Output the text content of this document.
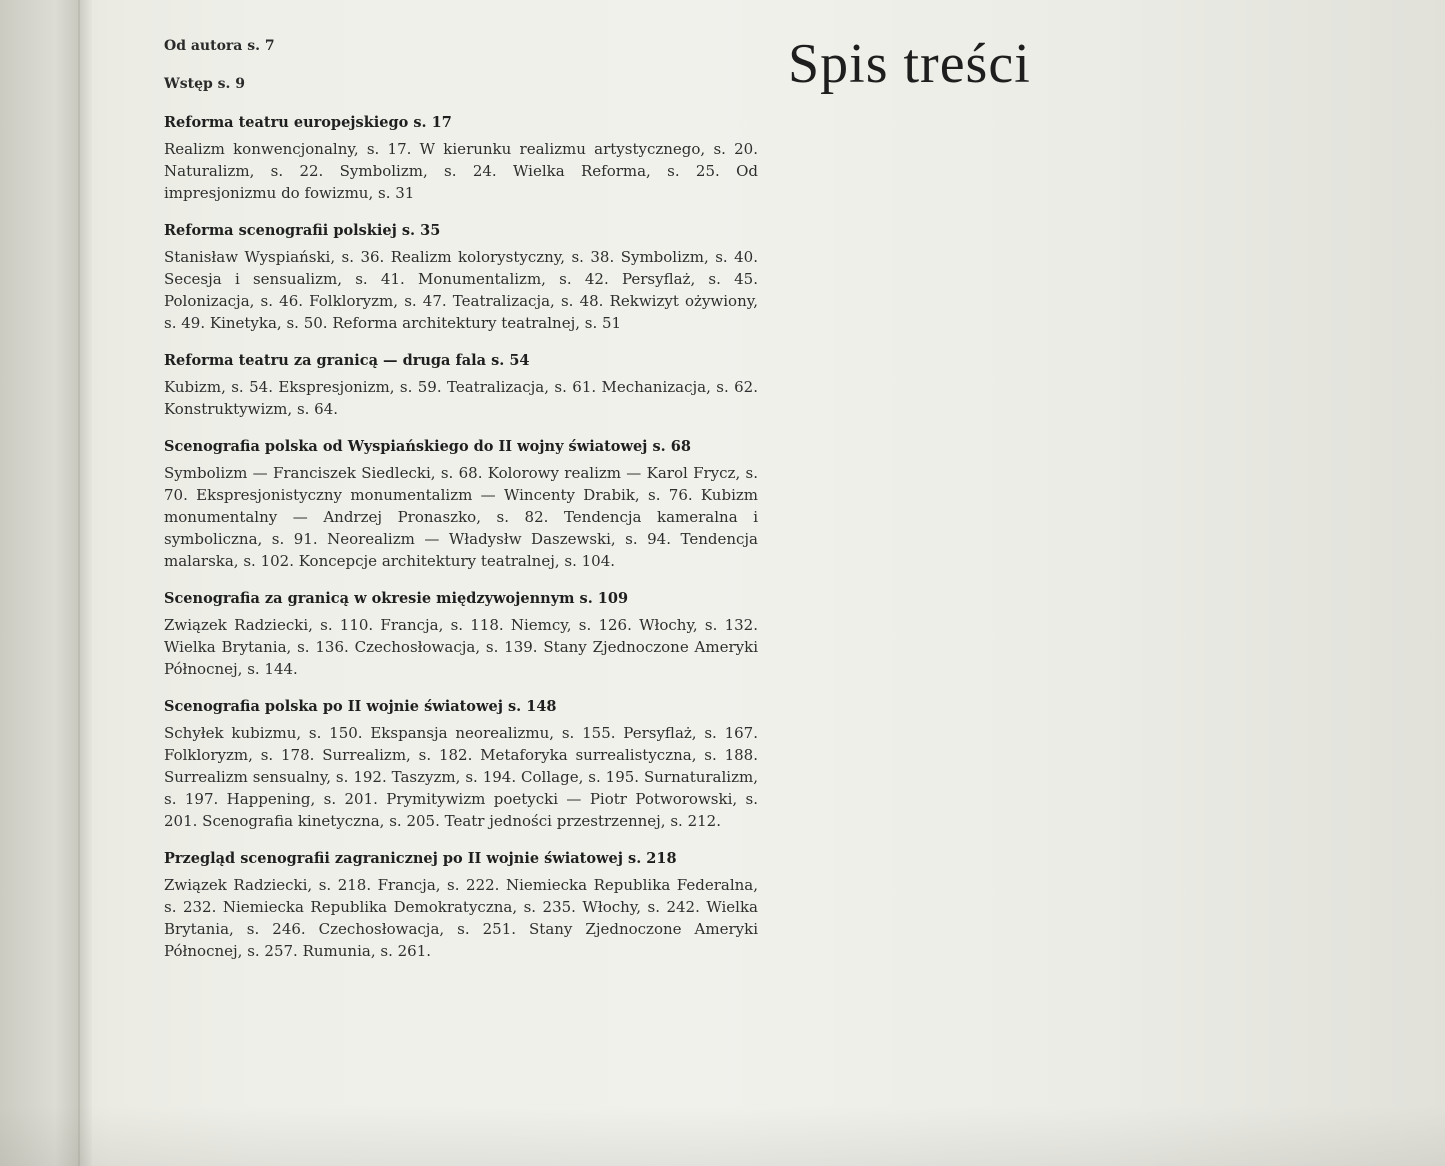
Spis treści

Od autora s. 7

Wstęp s. 9

Reforma teatru europejskiego s. 17

Realizm konwencjonalny, s. 17. W kierunku realizmu artystycznego, s. 20. Naturalizm, s. 22. Symbolizm, s. 24. Wielka Reforma, s. 25. Od impresjonizmu do fowizmu, s. 31

Reforma scenografii polskiej s. 35

Stanisław Wyspiański, s. 36. Realizm kolorystyczny, s. 38. Symbolizm, s. 40. Secesja i sensualizm, s. 41. Monumentalizm, s. 42. Persyflaż, s. 45. Polonizacja, s. 46. Folkloryzm, s. 47. Teatralizacja, s. 48. Rekwizyt ożywiony, s. 49. Kinetyka, s. 50. Reforma architektury teatralnej, s. 51

Reforma teatru za granicą — druga fala s. 54

Kubizm, s. 54. Ekspresjonizm, s. 59. Teatralizacja, s. 61. Mechanizacja, s. 62. Konstruktywizm, s. 64.

Scenografia polska od Wyspiańskiego do II wojny światowej s. 68

Symbolizm — Franciszek Siedlecki, s. 68. Kolorowy realizm — Karol Frycz, s. 70. Ekspresjonistyczny monumentalizm — Wincenty Drabik, s. 76. Kubizm monumentalny — Andrzej Pronaszko, s. 82. Tendencja kameralna i symboliczna, s. 91. Neorealizm — Władysłw Daszewski, s. 94. Tendencja malarska, s. 102. Koncepcje architektury teatralnej, s. 104.

Scenografia za granicą w okresie międzywojennym s. 109

Związek Radziecki, s. 110. Francja, s. 118. Niemcy, s. 126. Włochy, s. 132. Wielka Brytania, s. 136. Czechosłowacja, s. 139. Stany Zjednoczone Ameryki Północnej, s. 144.

Scenografia polska po II wojnie światowej s. 148

Schyłek kubizmu, s. 150. Ekspansja neorealizmu, s. 155. Persyflaż, s. 167. Folkloryzm, s. 178. Surrealizm, s. 182. Metaforyka surrealistyczna, s. 188. Surrealizm sensualny, s. 192. Taszyzm, s. 194. Collage, s. 195. Surnaturalizm, s. 197. Happening, s. 201. Prymitywizm poetycki — Piotr Potworowski, s. 201. Scenografia kinetyczna, s. 205. Teatr jedności przestrzennej, s. 212.

Przegląd scenografii zagranicznej po II wojnie światowej s. 218

Związek Radziecki, s. 218. Francja, s. 222. Niemiecka Republika Federalna, s. 232. Niemiecka Republika Demokratyczna, s. 235. Włochy, s. 242. Wielka Brytania, s. 246. Czechosłowacja, s. 251. Stany Zjednoczone Ameryki Północnej, s. 257. Rumunia, s. 261.
